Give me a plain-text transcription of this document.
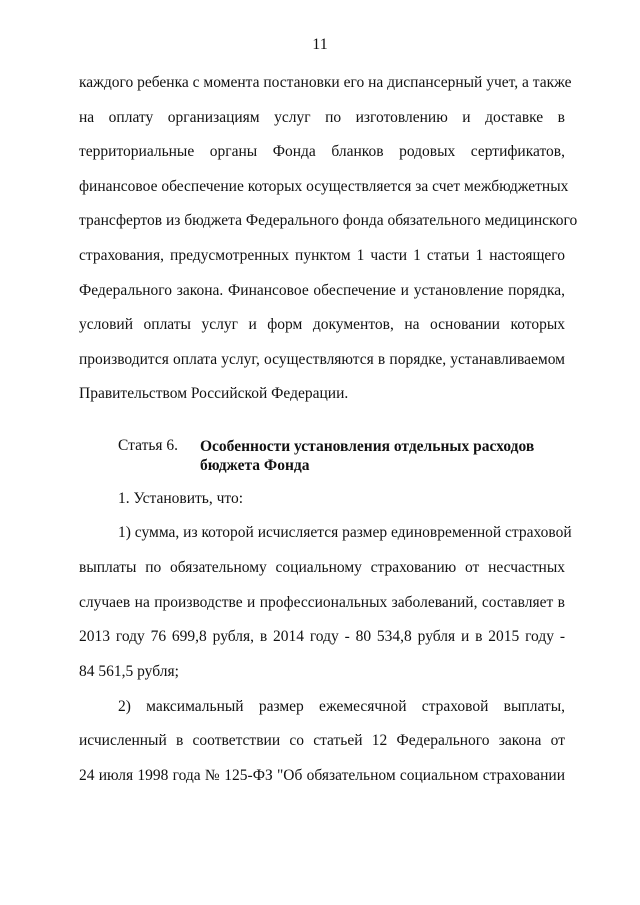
11
каждого ребенка с момента постановки его на диспансерный учет, а также
на оплату организациям услуг по изготовлению и доставке в
территориальные органы Фонда бланков родовых сертификатов,
финансовое обеспечение которых осуществляется за счет межбюджетных
трансфертов из бюджета Федерального фонда обязательного медицинского
страхования, предусмотренных пунктом 1 части 1 статьи 1 настоящего
Федерального закона. Финансовое обеспечение и установление порядка,
условий оплаты услуг и форм документов, на основании которых
производится оплата услуг, осуществляются в порядке, устанавливаемом
Правительством Российской Федерации.
Статья 6. Особенности установления отдельных расходов
бюджета Фонда
1. Установить, что:
1) сумма, из которой исчисляется размер единовременной страховой
выплаты по обязательному социальному страхованию от несчастных
случаев на производстве и профессиональных заболеваний, составляет в
2013 году 76 699,8 рубля, в 2014 году - 80 534,8 рубля и в 2015 году -
84 561,5 рубля;
2) максимальный размер ежемесячной страховой выплаты,
исчисленный в соответствии со статьей 12 Федерального закона от
24 июля 1998 года № 125-ФЗ "Об обязательном социальном страховании
